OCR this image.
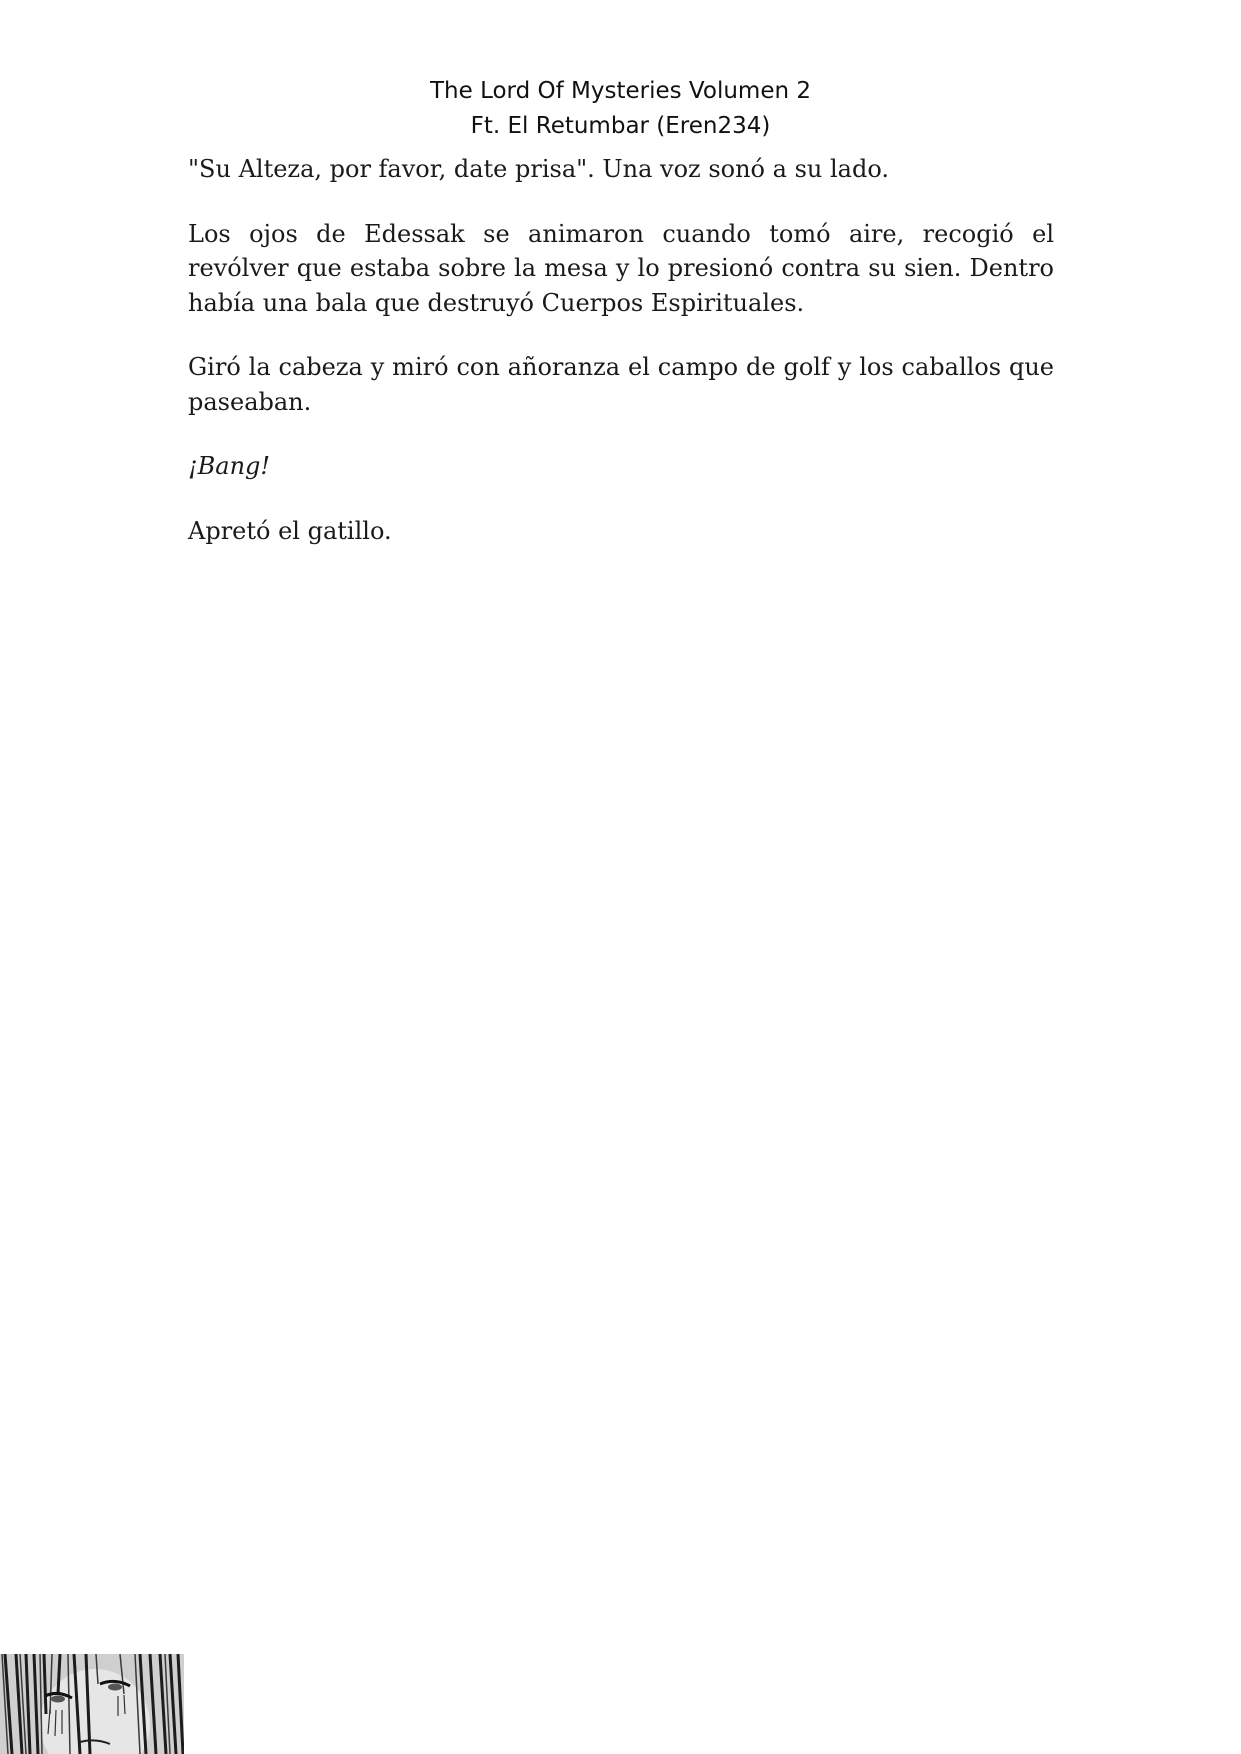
The Lord Of Mysteries Volumen 2
Ft. El Retumbar (Eren234)

"Su Alteza, por favor, date prisa". Una voz sonó a su lado.

Los ojos de Edessak se animaron cuando tomó aire, recogió el revólver que estaba sobre la mesa y lo presionó contra su sien. Dentro había una bala que destruyó Cuerpos Espirituales.

Giró la cabeza y miró con añoranza el campo de golf y los caballos que paseaban.

¡Bang!

Apretó el gatillo.
